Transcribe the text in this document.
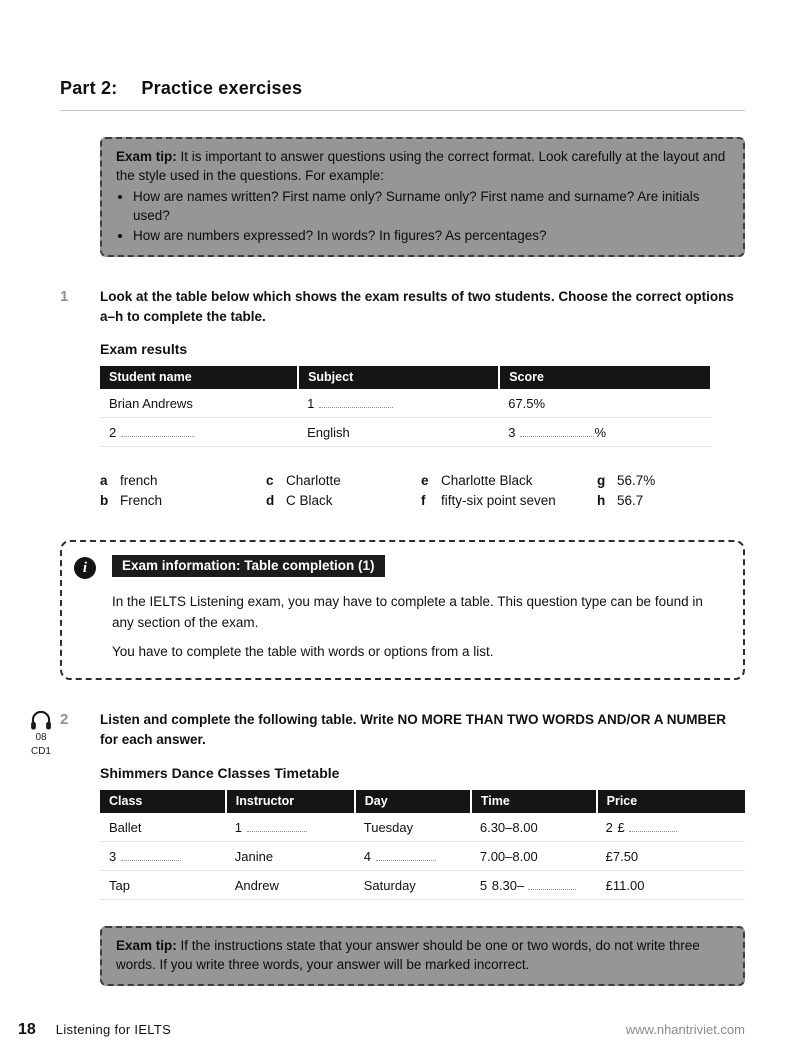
Part 2: Practice exercises

Exam tip: It is important to answer questions using the correct format. Look carefully at the layout and the style used in the questions. For example:

• How are names written? First name only? Surname only? First name and surname? Are initials used?
• How are numbers expressed? In words? In figures? As percentages?
1	Look at the table below which shows the exam results of two students. Choose the correct options a–h to complete the table.

Exam results
Student name	Subject	Score
Brian Andrews	1	67.5%
2	English	3 %
a french
b French
c Charlotte
d C Black
e Charlotte Black
f	fifty-six point seven
g 56.7%
h 56.7
i	Exam information: Table completion (1)

In the IELTS Listening exam, you may have to complete a table. This question type can be found in any section of the exam.

You have to complete the table with words or options from a list.

08
CD1
2	Listen and complete the following table. Write NO MORE THAN TWO WORDS AND/OR A NUMBER for each answer.

Shimmers Dance Classes Timetable
Class	Instructor	Day	Time	Price
Ballet	1	Tuesday	6.30–8.00	2 £
3	Janine	4	7.00–8.00	£7.50
Tap	Andrew	Saturday	5 8.30–	£11.00

Exam tip: If the instructions state that your answer should be one or two words, do not write three words. If you write three words, your answer will be marked incorrect.

18 Listening for IELTS	www.nhantriviet.com
